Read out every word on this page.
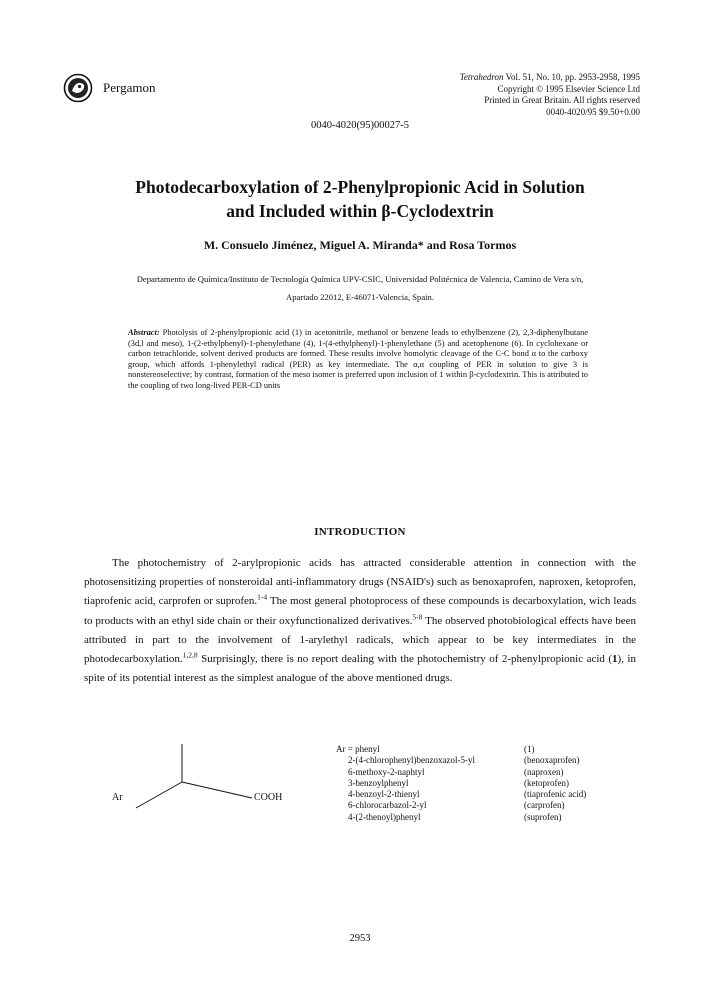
Pergamon
Tetrahedron Vol. 51, No. 10, pp. 2953-2958, 1995
Copyright © 1995 Elsevier Science Ltd
Printed in Great Britain. All rights reserved
0040-4020/95 $9.50+0.00
0040-4020(95)00027-5
Photodecarboxylation of 2-Phenylpropionic Acid in Solution
and Included within β-Cyclodextrin
M. Consuelo Jiménez, Miguel A. Miranda* and Rosa Tormos
Departamento de Química/Instituto de Tecnología Química UPV-CSIC, Universidad Politécnica de Valencia, Camino de Vera s/n,
Apartado 22012, E-46071-Valencia, Spain.
Abstract: Photolysis of 2-phenylpropionic acid (1) in acetonitrile, methanol or benzene leads to ethylbenzene (2), 2,3-diphenylbutane (3d,l and meso), 1-(2-ethylphenyl)-1-phenylethane (4), 1-(4-ethylphenyl)-1-phenylethane (5) and acetophenone (6). In cyclohexane or carbon tetrachloride, solvent derived products are formed. These results involve homolytic cleavage of the C-C bond α to the carboxy group, which affords 1-phenylethyl radical (PER) as key intermediate. The α,α coupling of PER in solution to give 3 is nonstereoselective; by contrast, formation of the meso isomer is preferred upon inclusion of 1 within β-cyclodextrin. This is attributed to the coupling of two long-lived PER-CD units
INTRODUCTION
The photochemistry of 2-arylpropionic acids has attracted considerable attention in connection with the photosensitizing properties of nonsteroidal anti-inflammatory drugs (NSAID's) such as benoxaprofen, naproxen, ketoprofen, tiaprofenic acid, carprofen or suprofen.$^{1-4}$ The most general photoprocess of these compounds is decarboxylation, wich leads to products with an ethyl side chain or their oxyfunctionalized derivatives.$^{5-8}$ The observed photobiological effects have been attributed in part to the involvement of 1-arylethyl radicals, which appear to be key intermediates in the photodecarboxylation.$^{1,2,8}$ Surprisingly, there is no report dealing with the photochemistry of 2-phenylpropionic acid (1), in spite of its potential interest as the simplest analogue of the above mentioned drugs.
Ar	COOH
Ar = phenyl	(1)
2-(4-chlorophenyl)benzoxazol-5-yl	(benoxaprofen)
6-methoxy-2-naphtyl	(naproxen)
3-benzoylphenyl	(ketoprofen)
4-benzoyl-2-thienyl	(tiaprofenic acid)
6-chlorocarbazol-2-yl	(carprofen)
4-(2-thenoyl)phenyl	(suprofen)
2953
